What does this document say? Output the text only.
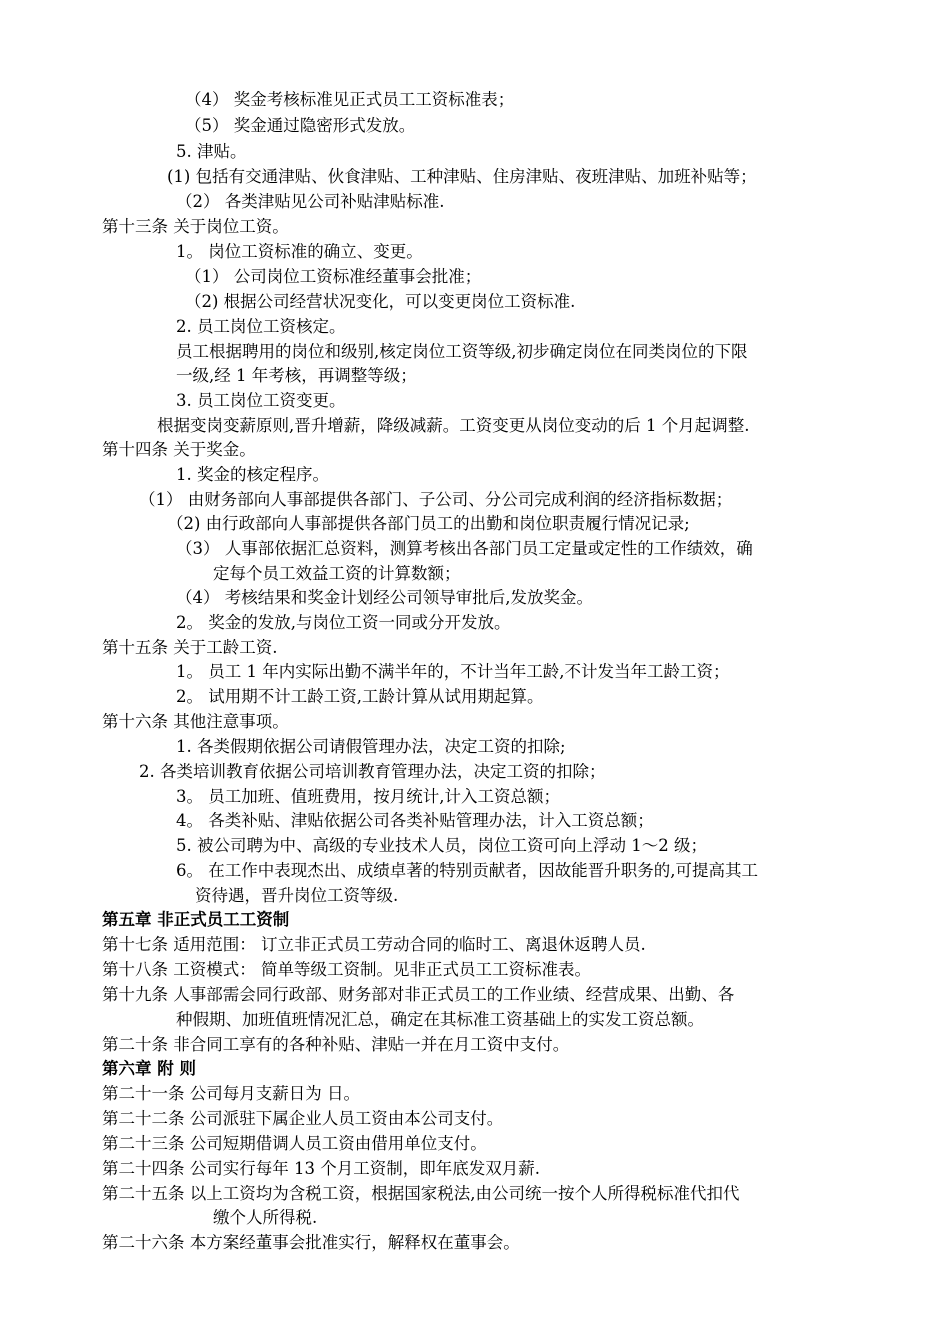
（4） 奖金考核标准见正式员工工资标准表；
（5） 奖金通过隐密形式发放。
5. 津贴。
(1) 包括有交通津贴、伙食津贴、工种津贴、住房津贴、夜班津贴、加班补贴等；
（2） 各类津贴见公司补贴津贴标准.
第十三条 关于岗位工资。
1。 岗位工资标准的确立、变更。
（1） 公司岗位工资标准经董事会批准；
（2) 根据公司经营状况变化，可以变更岗位工资标准.
2. 员工岗位工资核定。
员工根据聘用的岗位和级别,核定岗位工资等级,初步确定岗位在同类岗位的下限
一级,经 1 年考核，再调整等级；
3. 员工岗位工资变更。
根据变岗变薪原则,晋升增薪，降级减薪。工资变更从岗位变动的后 1 个月起调整.
第十四条 关于奖金。
1. 奖金的核定程序。
（1） 由财务部向人事部提供各部门、子公司、分公司完成利润的经济指标数据；
（2) 由行政部向人事部提供各部门员工的出勤和岗位职责履行情况记录;
（3） 人事部依据汇总资料，测算考核出各部门员工定量或定性的工作绩效，确
定每个员工效益工资的计算数额；
（4） 考核结果和奖金计划经公司领导审批后,发放奖金。
2。 奖金的发放,与岗位工资一同或分开发放。
第十五条 关于工龄工资.
1。 员工 1 年内实际出勤不满半年的，不计当年工龄,不计发当年工龄工资；
2。 试用期不计工龄工资,工龄计算从试用期起算。
第十六条 其他注意事项。
1. 各类假期依据公司请假管理办法，决定工资的扣除;
2. 各类培训教育依据公司培训教育管理办法，决定工资的扣除；
3。 员工加班、值班费用，按月统计,计入工资总额；
4。 各类补贴、津贴依据公司各类补贴管理办法，计入工资总额；
5. 被公司聘为中、高级的专业技术人员，岗位工资可向上浮动 1～2 级；
6。 在工作中表现杰出、成绩卓著的特别贡献者，因故能晋升职务的,可提高其工
资待遇，晋升岗位工资等级.
第五章 非正式员工工资制
第十七条 适用范围： 订立非正式员工劳动合同的临时工、离退休返聘人员.
第十八条 工资模式： 简单等级工资制。见非正式员工工资标准表。
第十九条 人事部需会同行政部、财务部对非正式员工的工作业绩、经营成果、出勤、各
种假期、加班值班情况汇总，确定在其标准工资基础上的实发工资总额。
第二十条 非合同工享有的各种补贴、津贴一并在月工资中支付。
第六章 附 则
第二十一条 公司每月支薪日为 日。
第二十二条 公司派驻下属企业人员工资由本公司支付。
第二十三条 公司短期借调人员工资由借用单位支付。
第二十四条 公司实行每年 13 个月工资制，即年底发双月薪.
第二十五条 以上工资均为含税工资，根据国家税法,由公司统一按个人所得税标准代扣代
缴个人所得税.
第二十六条 本方案经董事会批准实行，解释权在董事会。
